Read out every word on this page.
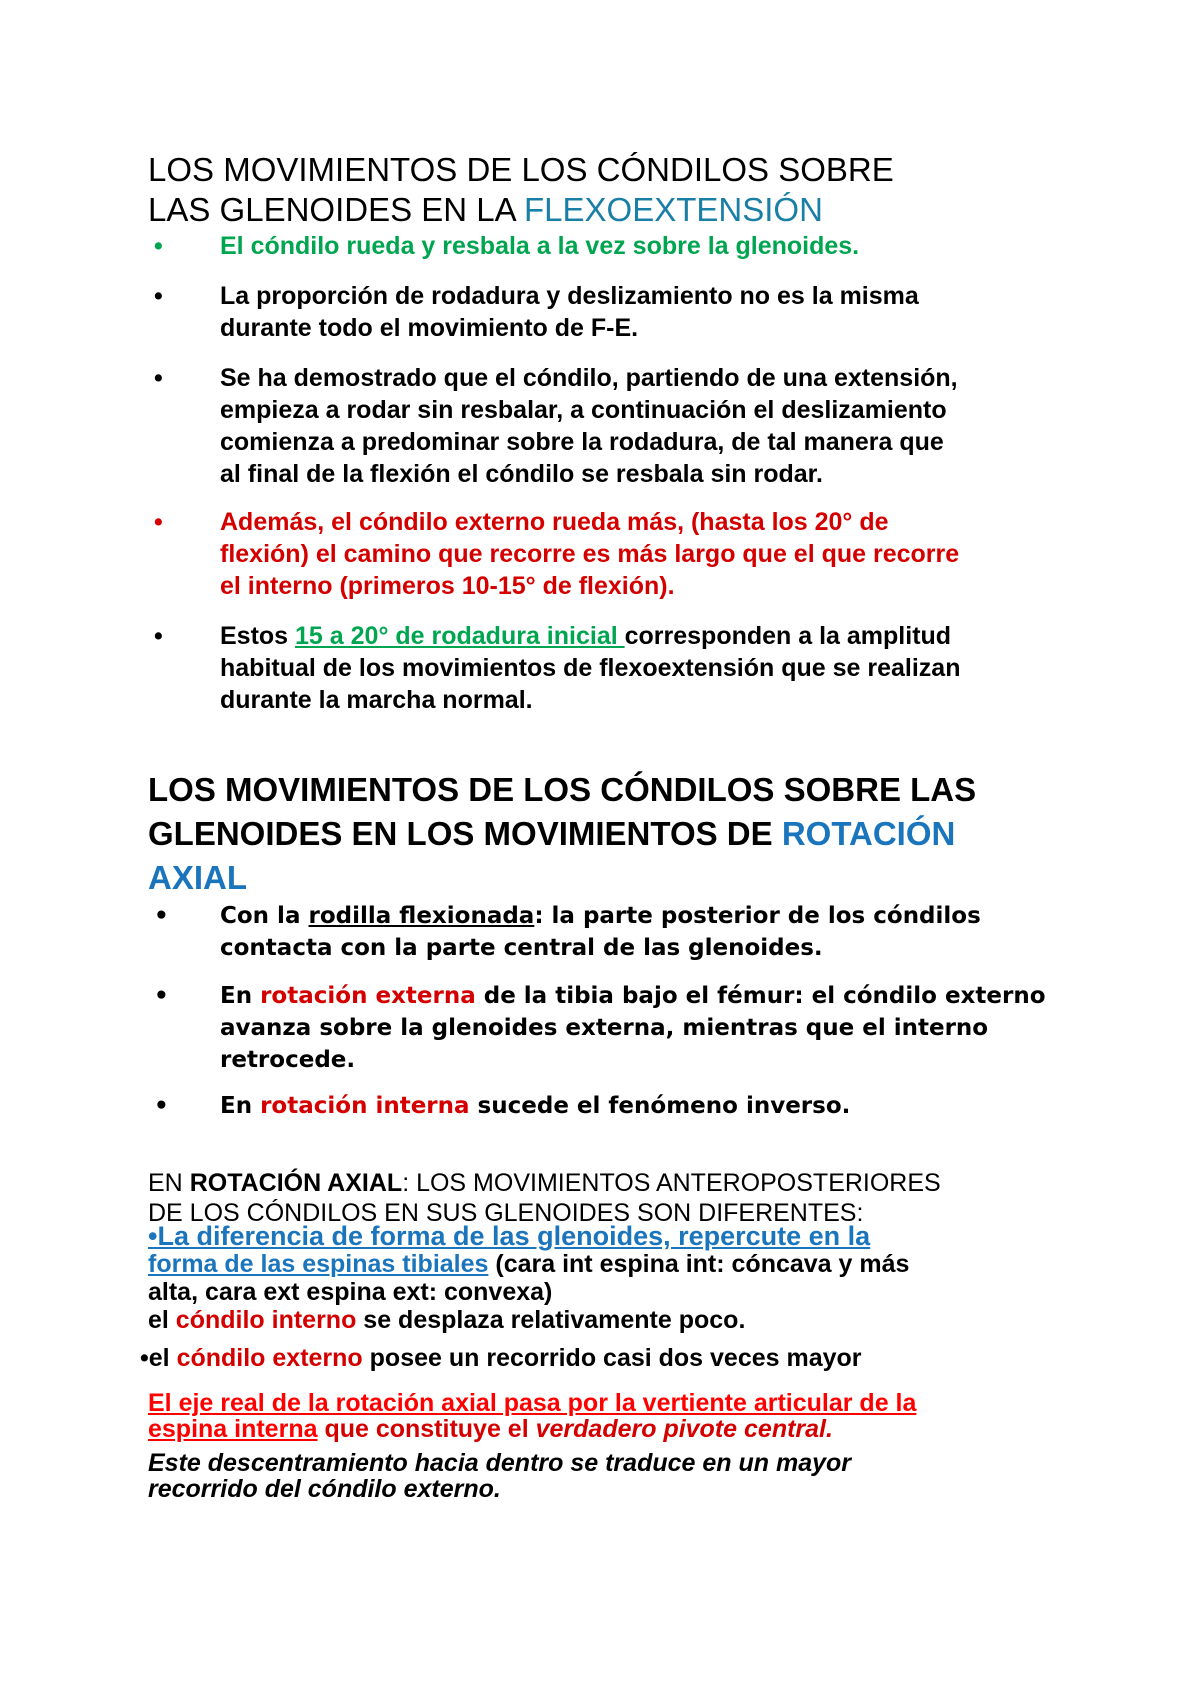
LOS MOVIMIENTOS DE LOS CÓNDILOS SOBRE
LAS GLENOIDES EN LA FLEXOEXTENSIÓN
• El cóndilo rueda y resbala a la vez sobre la glenoides.
• La proporción de rodadura y deslizamiento no es la misma
durante todo el movimiento de F-E.
• Se ha demostrado que el cóndilo, partiendo de una extensión,
empieza a rodar sin resbalar, a continuación el deslizamiento
comienza a predominar sobre la rodadura, de tal manera que
al final de la flexión el cóndilo se resbala sin rodar.
• Además, el cóndilo externo rueda más, (hasta los 20° de
flexión) el camino que recorre es más largo que el que recorre
el interno (primeros 10-15° de flexión).
• Estos 15 a 20° de rodadura inicial corresponden a la amplitud
habitual de los movimientos de flexoextensión que se realizan
durante la marcha normal.
LOS MOVIMIENTOS DE LOS CÓNDILOS SOBRE LAS
GLENOIDES EN LOS MOVIMIENTOS DE ROTACIÓN
AXIAL
• Con la rodilla flexionada: la parte posterior de los cóndilos
contacta con la parte central de las glenoides.
• En rotación externa de la tibia bajo el fémur: el cóndilo externo
avanza sobre la glenoides externa, mientras que el interno
retrocede.
• En rotación interna sucede el fenómeno inverso.
EN ROTACIÓN AXIAL: LOS MOVIMIENTOS ANTEROPOSTERIORES
DE LOS CÓNDILOS EN SUS GLENOIDES SON DIFERENTES:
•La diferencia de forma de las glenoides, repercute en la
forma de las espinas tibiales (cara int espina int: cóncava y más
alta, cara ext espina ext: convexa)
el cóndilo interno se desplaza relativamente poco.
•el cóndilo externo posee un recorrido casi dos veces mayor
El eje real de la rotación axial pasa por la vertiente articular de la
espina interna que constituye el verdadero pivote central.
Este descentramiento hacia dentro se traduce en un mayor
recorrido del cóndilo externo.
